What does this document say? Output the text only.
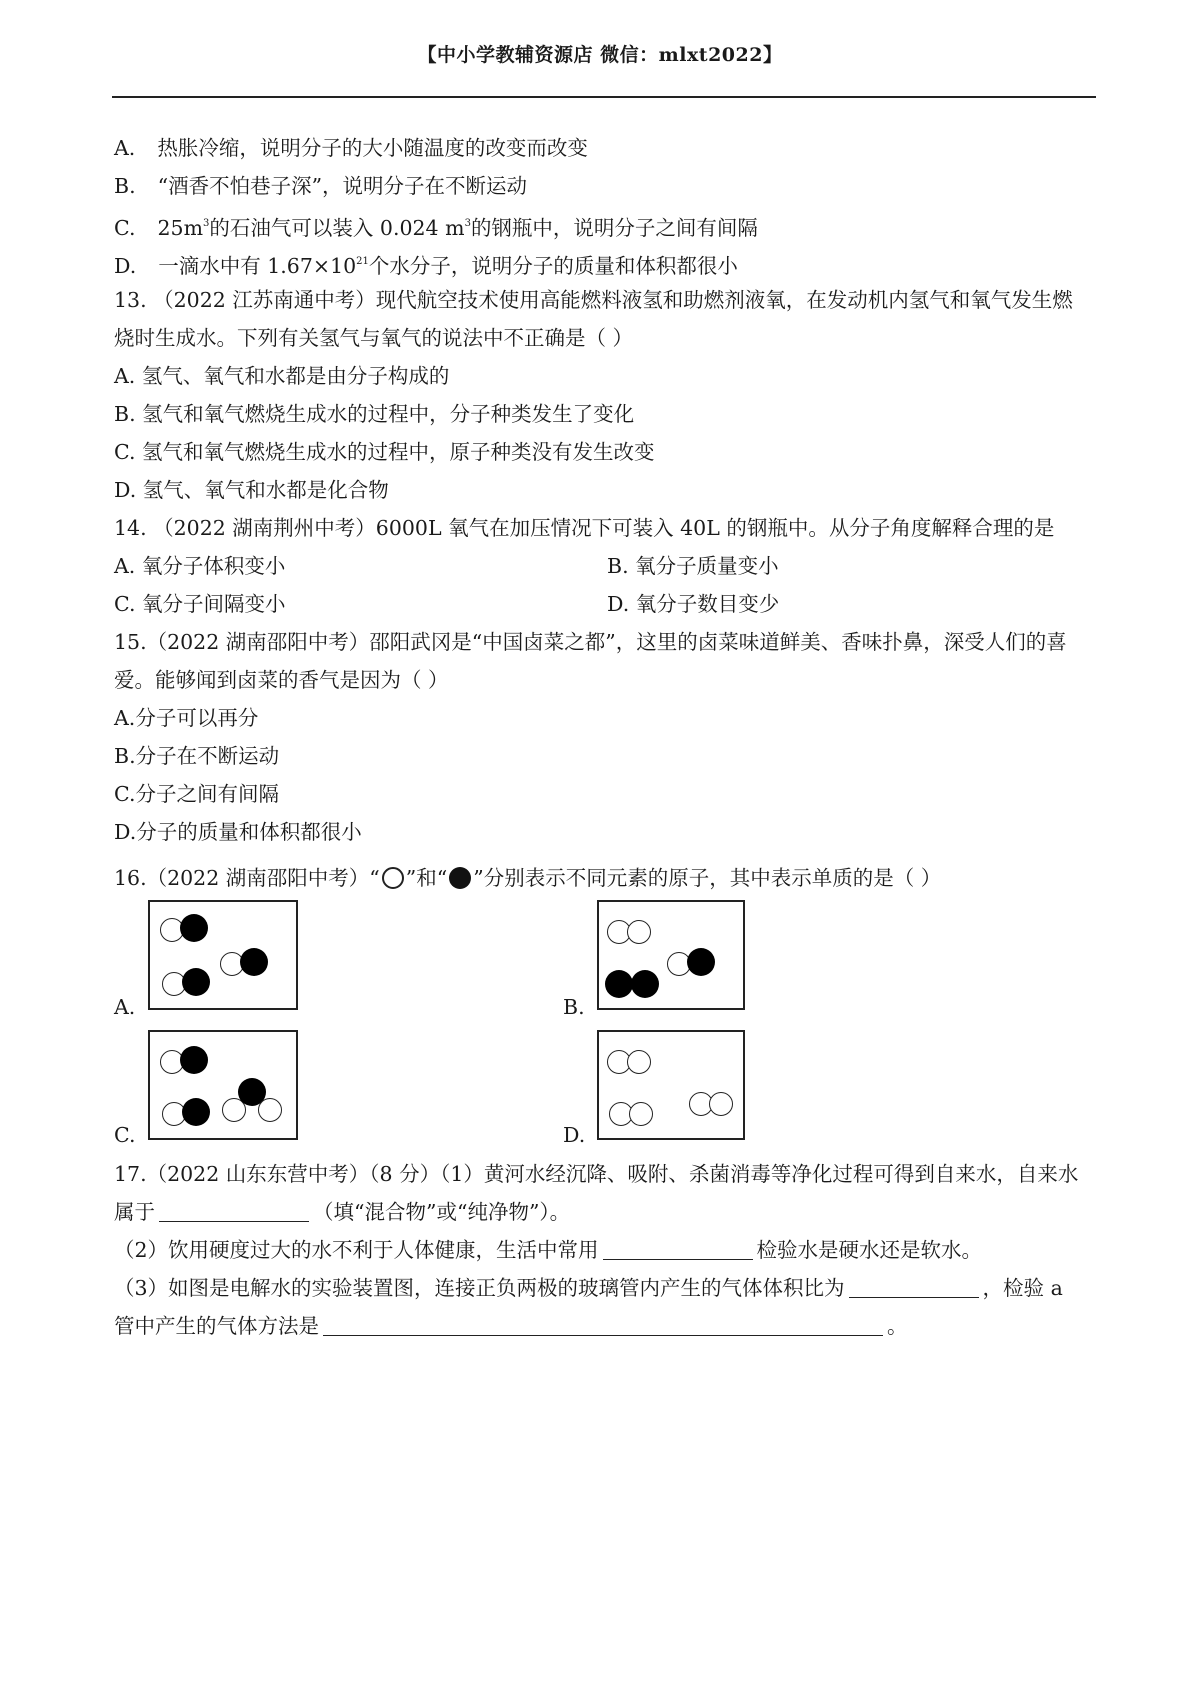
【中小学教辅资源店 微信：mlxt2022】
A. 热胀冷缩，说明分子的大小随温度的改变而改变
B. “酒香不怕巷子深”，说明分子在不断运动
C. $25m^3$的石油气可以装入 0.024 $m^3$的钢瓶中，说明分子之间有间隔
D. 一滴水中有 $1.67\times 10^{21}$个水分子，说明分子的质量和体积都很小
13. （2022 江苏南通中考）现代航空技术使用高能燃料液氢和助燃剂液氧，在发动机内氢气和氧气发生燃
烧时生成水。下列有关氢气与氧气的说法中不正确是（ ）
A. 氢气、氧气和水都是由分子构成的
B. 氢气和氧气燃烧生成水的过程中，分子种类发生了变化
C. 氢气和氧气燃烧生成水的过程中，原子种类没有发生改变
D. 氢气、氧气和水都是化合物
14. （2022 湖南荆州中考）6000L 氧气在加压情况下可装入 40L 的钢瓶中。从分子角度解释合理的是
A. 氧分子体积变小	B. 氧分子质量变小
C. 氧分子间隔变小	D. 氧分子数目变少
15.（2022 湖南邵阳中考）邵阳武冈是“中国卤菜之都”，这里的卤菜味道鲜美、香味扑鼻，深受人们的喜
爱。能够闻到卤菜的香气是因为（ ）
A.分子可以再分
B.分子在不断运动
C.分子之间有间隔
D.分子的质量和体积都很小
16.（2022 湖南邵阳中考）“ ”和“ ”分别表示不同元素的原子，其中表示单质的是（ ）
A.	B.
C.	D.
17.（2022 山东东营中考）（8 分）（1）黄河水经沉降、吸附、杀菌消毒等净化过程可得到自来水，自来水
属于	（填“混合物”或“纯净物”）。
（2）饮用硬度过大的水不利于人体健康，生活中常用	检验水是硬水还是软水。
（3）如图是电解水的实验装置图，连接正负两极的玻璃管内产生的气体体积比为	，检验 a
管中产生的气体方法是	。
